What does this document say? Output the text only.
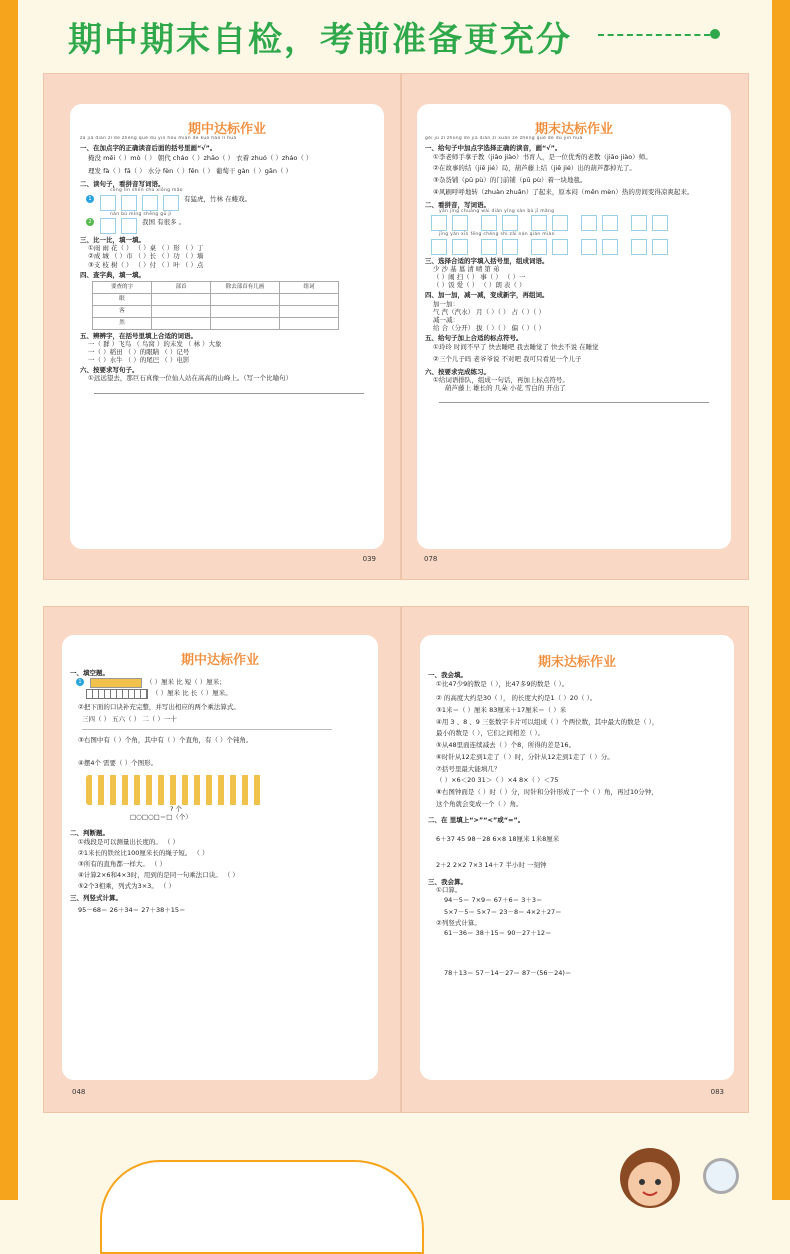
期中期末自检，考前准备更充分
期中达标作业
zā jiā diān zì de zhèng què dú yīn hòu miàn de kuò hào lǐ huà
一、在加点字的正确读音后面的括号里画“√”。
掩没 mēi（ ）mò（ ） 朝代 cháo（ ）zhāo（ ） 衣着 zhuó（ ）zháo（ ）
理发 fà（ ）fā（ ） 水分 fèn（ ）fēn（ ） 葡萄干 gàn（ ）gān（ ）
二、读句子，看拼音写词语。
cōng lín shēn chù xiōng mǎo
1	有猛虎，竹林 在蜷戏。
nán bù mǐng shēng gū jì
2	我国 有很多 。
三、比一比，填一填。
①雨 雨 花（ ） （ ）桌 （ ）形 （ ）丁
②成 城 （ ）市 （ ）长 （ ）功 （ ）墙
③支 枝 树（ ） （ ）付 （ ）叶 （ ）点
四、查字典，填一填。
要查的字	部首	除去部首有几画	组词
眠			
客			
然			
五、辨辨字，在括号里填上合适的词语。
一（ 群 ）飞鸟 （ 鸟窝 ）的未发 （ 林 ）大象
一（ ）稻田 （ ）的眼睛 （ ）记号
一（ ）水牛 （ ）的尾巴 （ ）电影
六、按要求写句子。
①远远望去，那巨石真像一位仙人站在高高的山峰上。（写一个比喻句）
039
期末达标作业
gěi jù zǐ zhōng de jiā diǎn zì xuǎn zé zhèng què de dú yīn huà
一、给句子中加点字选择正确的读音，画“√”。
①李老师手拿子教（jiāo jiào）书育人，是一位优秀的老教（jiāo jiào）师。
②在故事的结（jiē jié）局，葫芦藤上结（jiē jié）出的葫芦都掉光了。
③杂货铺（pū pù）的门前铺（pū pù）着一块地毯。
④风刷呼呼地转（zhuàn zhuǎn）了起来，原本闷（mēn mèn）热的房间变得凉爽起来。
二、看拼音，写词语。
yān jìng chuāng wài diàn yǐng sàn bù jǐ mǎng
jīng yán xīn fēng chéng shì zǎi nán qián miàn
三、选择合适的字填入括号里，组成词语。
少 沙 基 墓 清 晴 第 弟
（ ）闹 扫（ ） 事（ ） （ ）一
（ ）饭 爱（ ） （ ）朗 表（ ）
四、加一加，减一减，变成新字，再组词。
加一加：
气 汽（汽水） 月（ ）（ ） 占（ ）（ ）
减一减：
给 合（分开） 拔（ ）（ ） 偏（ ）（ ）
五、给句子加上合适的标点符号。
①玲玲 时间不早了 快去睡吧 我去睡觉了 快去不说 在睡觉
②三个儿子吗 老爷爷说 不对吧 我可只看见一个儿子
六、按要求完成练习。
①给词语排队，组成一句话，再加上标点符号。
葫芦藤上 雄长的 几朵 小花 雪白的 开出了
078
期中达标作业
一、填空题。
1	（ ）厘米 比 短（ ）厘米；
（ ）厘米 比 长（ ）厘米。
②把下面的口诀补充完整，并写出相应的两个乘法算式。
三四（ ） 五六（ ） 二（ ）一十
③右图中有（ ）个角，其中有（ ）个直角，有（ ）个钝角。
④摆4个 需要（ ）个图形。
? 个
□○□○□＝□（个）
二、判断题。
①线段是可以测量出长度的。 （ ）
②1米长的铁丝比100厘米长的绳子短。 （ ）
③所有的直角都一样大。 （ ）
④计算2×6和4×3时，用到的是同一句乘法口诀。 （ ）
⑤2个3相乘，列式为3×3。 （ ）
三、列竖式计算。
95－68＝ 26＋34＝ 27＋38＋15＝
048
期末达标作业
一、我会填。
①比47少9的数是（ ），比47多9的数是（ ）。
② 的高度大约是30（ ）， 的长度大约是1（ ）20（ ）。
③1米＝（ ）厘米 83厘米＋17厘米＝（ ）米
④用 3 、8 、9 三张数字卡片可以组成（ ）个两位数，其中最大的数是（ ），
最小的数是（ ），它们之间相差（ ）。
⑤从48里面连续减去（ ）个8，所得的差是16。
⑥时针从12走到1走了（ ）时，分针从12走到1走了（ ）分。
⑦括号里最大能填几？
（ ）×6＜20 31＞（ ）×4 8×（ ）＜75
⑧右图钟面是（ ）时（ ）分，时针和分针形成了一个（ ）角，再过10分钟，
这个角就会变成一个（ ）角。
二、在 里填上“>”“<”或“=”。
6＋37 45 98－28 6×8 18厘米 1米8厘米
2＋2 2×2 7×3 14＋7 半小时 一刻钟
三、我会算。
①口算。
94－5＝ 7×9＝ 67＋6＝ 3＋3＝
5×7－5＝ 5×7＝ 23－8＝ 4×2＋27＝
②列竖式计算。
61－36＝ 38＋15＝ 90－27＋12＝
78＋13＝ 57－14－27＝ 87－(56－24)＝
083
